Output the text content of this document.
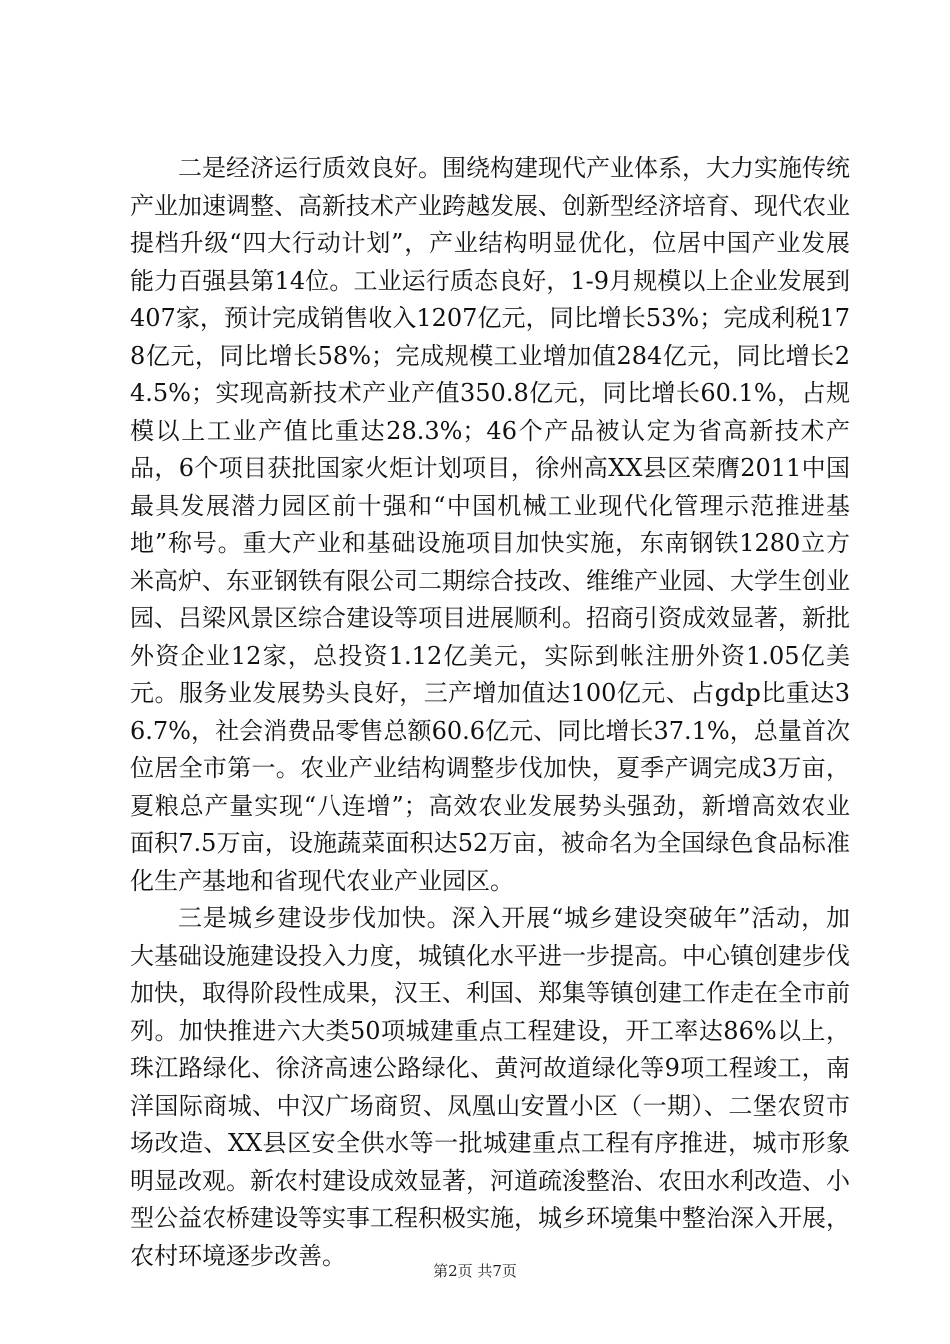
二是经济运行质效良好。围绕构建现代产业体系，大力实施传统产业加速调整、高新技术产业跨越发展、创新型经济培育、现代农业提档升级“四大行动计划”，产业结构明显优化，位居中国产业发展能力百强县第14位。工业运行质态良好，1-9月规模以上企业发展到407家，预计完成销售收入1207亿元，同比增长53%；完成利税178亿元，同比增长58%；完成规模工业增加值284亿元，同比增长24.5%；实现高新技术产业产值350.8亿元，同比增长60.1%，占规模以上工业产值比重达28.3%；46个产品被认定为省高新技术产品，6个项目获批国家火炬计划项目，徐州高XX县区荣膺2011中国最具发展潜力园区前十强和“中国机械工业现代化管理示范推进基地”称号。重大产业和基础设施项目加快实施，东南钢铁1280立方米高炉、东亚钢铁有限公司二期综合技改、维维产业园、大学生创业园、吕梁风景区综合建设等项目进展顺利。招商引资成效显著，新批外资企业12家，总投资1.12亿美元，实际到帐注册外资1.05亿美元。服务业发展势头良好，三产增加值达100亿元、占gdp比重达36.7%，社会消费品零售总额60.6亿元、同比增长37.1%，总量首次位居全市第一。农业产业结构调整步伐加快，夏季产调完成3万亩，夏粮总产量实现“八连增”；高效农业发展势头强劲，新增高效农业面积7.5万亩，设施蔬菜面积达52万亩，被命名为全国绿色食品标准化生产基地和省现代农业产业园区。

三是城乡建设步伐加快。深入开展“城乡建设突破年”活动，加大基础设施建设投入力度，城镇化水平进一步提高。中心镇创建步伐加快，取得阶段性成果，汉王、利国、郑集等镇创建工作走在全市前列。加快推进六大类50项城建重点工程建设，开工率达86%以上，珠江路绿化、徐济高速公路绿化、黄河故道绿化等9项工程竣工，南洋国际商城、中汉广场商贸、凤凰山安置小区（一期）、二堡农贸市场改造、XX县区安全供水等一批城建重点工程有序推进，城市形象明显改观。新农村建设成效显著，河道疏浚整治、农田水利改造、小型公益农桥建设等实事工程积极实施，城乡环境集中整治深入开展，农村环境逐步改善。

第2页 共7页
